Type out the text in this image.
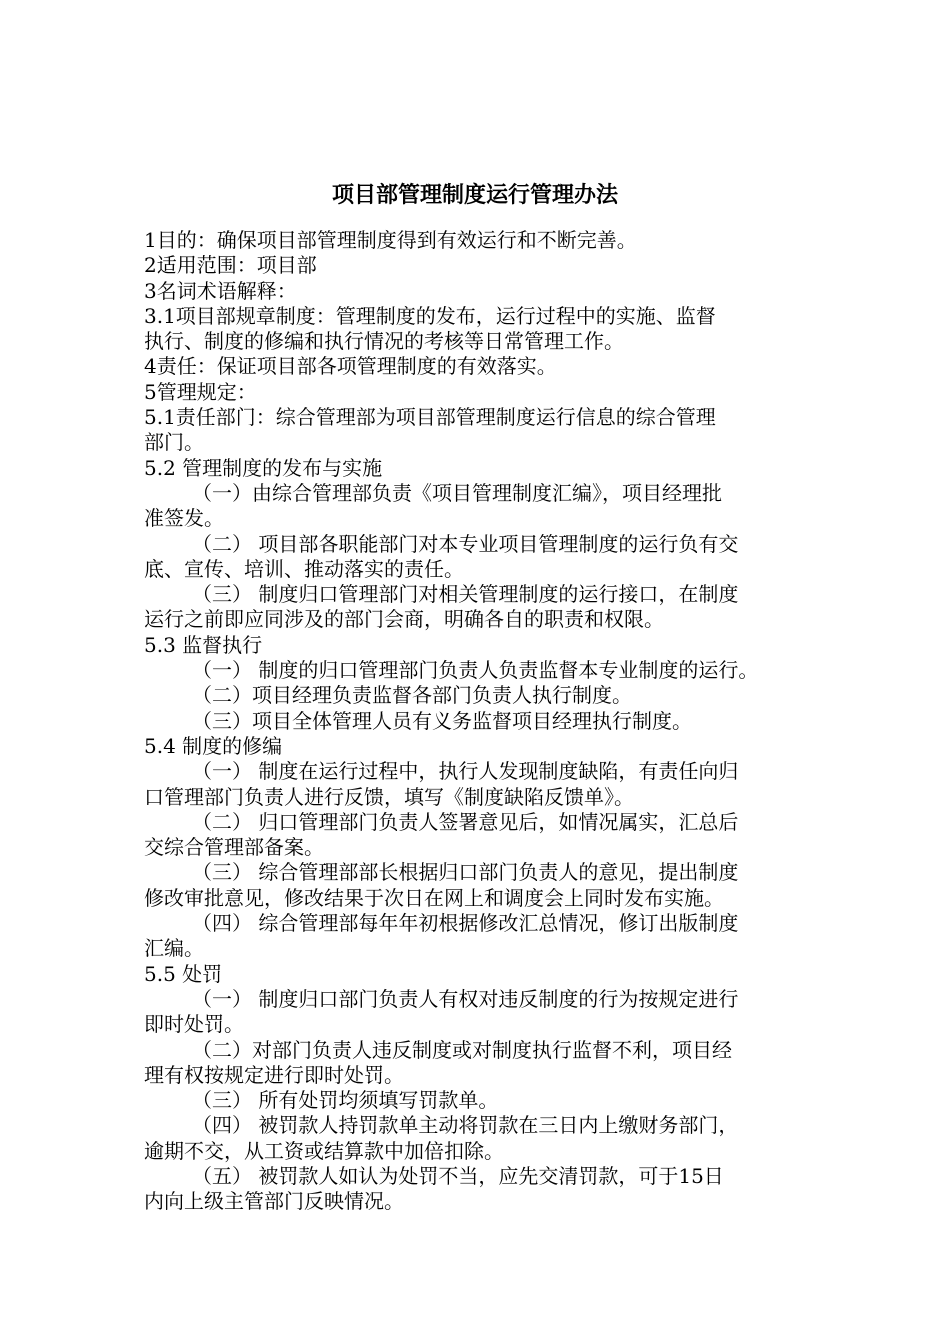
项目部管理制度运行管理办法

1目的：确保项目部管理制度得到有效运行和不断完善。

2适用范围：项目部

3名词术语解释：

3.1项目部规章制度：管理制度的发布，运行过程中的实施、监督

执行、制度的修编和执行情况的考核等日常管理工作。

4责任：保证项目部各项管理制度的有效落实。

5管理规定：

5.1责任部门：综合管理部为项目部管理制度运行信息的综合管理

部门。

5.2 管理制度的发布与实施

（一）由综合管理部负责《项目管理制度汇编》，项目经理批

准签发。

（二） 项目部各职能部门对本专业项目管理制度的运行负有交

底、宣传、培训、推动落实的责任。

（三） 制度归口管理部门对相关管理制度的运行接口，在制度

运行之前即应同涉及的部门会商，明确各自的职责和权限。

5.3 监督执行

（一） 制度的归口管理部门负责人负责监督本专业制度的运行。

（二）项目经理负责监督各部门负责人执行制度。

（三）项目全体管理人员有义务监督项目经理执行制度。

5.4 制度的修编

（一） 制度在运行过程中，执行人发现制度缺陷，有责任向归

口管理部门负责人进行反馈，填写《制度缺陷反馈单》。

（二） 归口管理部门负责人签署意见后，如情况属实，汇总后

交综合管理部备案。

（三） 综合管理部部长根据归口部门负责人的意见，提出制度

修改审批意见，修改结果于次日在网上和调度会上同时发布实施。

（四） 综合管理部每年年初根据修改汇总情况，修订出版制度

汇编。

5.5 处罚

（一） 制度归口部门负责人有权对违反制度的行为按规定进行

即时处罚。

（二）对部门负责人违反制度或对制度执行监督不利，项目经

理有权按规定进行即时处罚。

（三） 所有处罚均须填写罚款单。

（四） 被罚款人持罚款单主动将罚款在三日内上缴财务部门，

逾期不交，从工资或结算款中加倍扣除。

（五） 被罚款人如认为处罚不当，应先交清罚款，可于15日

内向上级主管部门反映情况。
